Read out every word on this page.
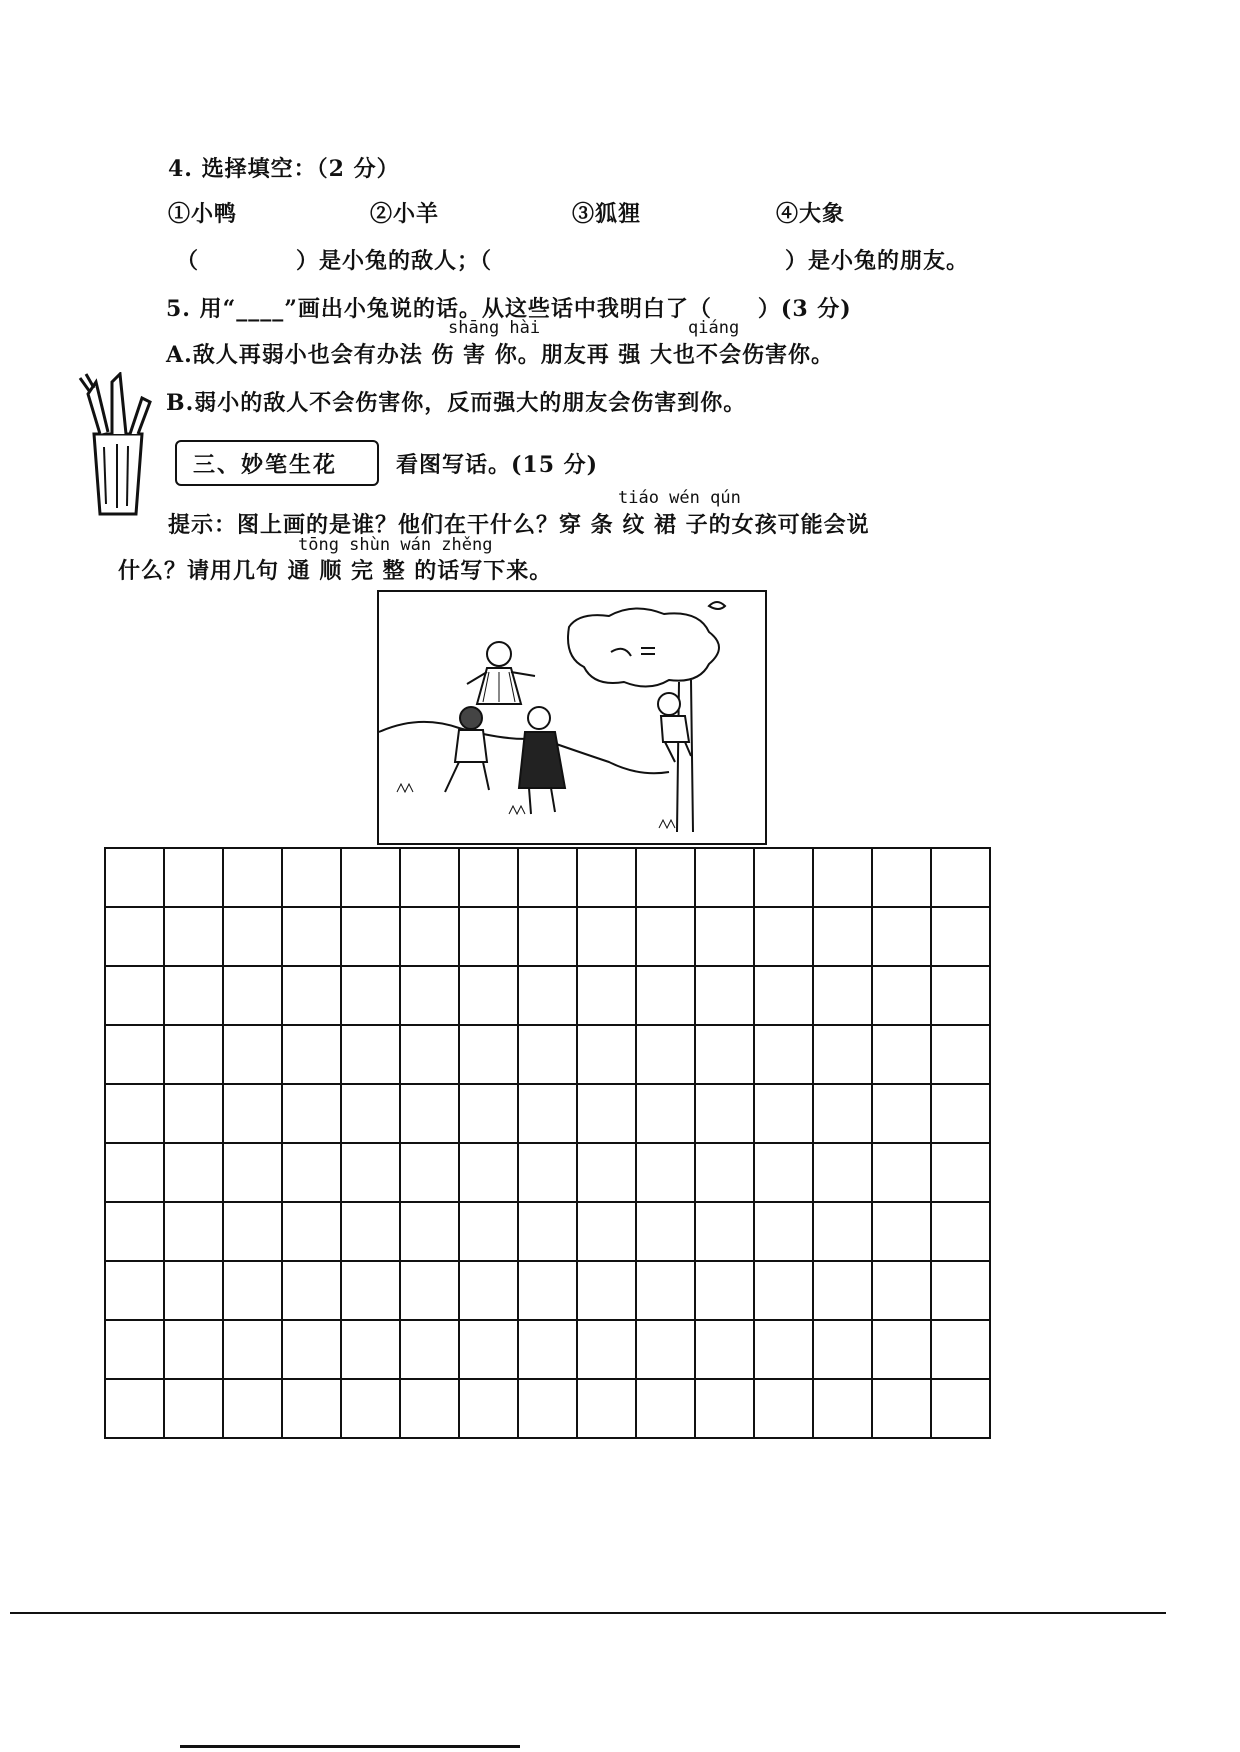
4. 选择填空：（2 分）
①小鸭	②小羊	③狐狸	④大象
（	）是小兔的敌人；（	）是小兔的朋友。
5. 用“____”画出小兔说的话。从这些话中我明白了（　　）(3 分)
shāng hài	qiáng
A.敌人再弱小也会有办法 伤 害 你。朋友再 强 大也不会伤害你。
B.弱小的敌人不会伤害你，反而强大的朋友会伤害到你。
三、妙笔生花	看图写话。(15 分)
tiáo wén qún
提示：图上画的是谁？他们在干什么？穿 条 纹 裙 子的女孩可能会说
tōng shùn wán zhěng
什么？请用几句 通 顺 完 整 的话写下来。
